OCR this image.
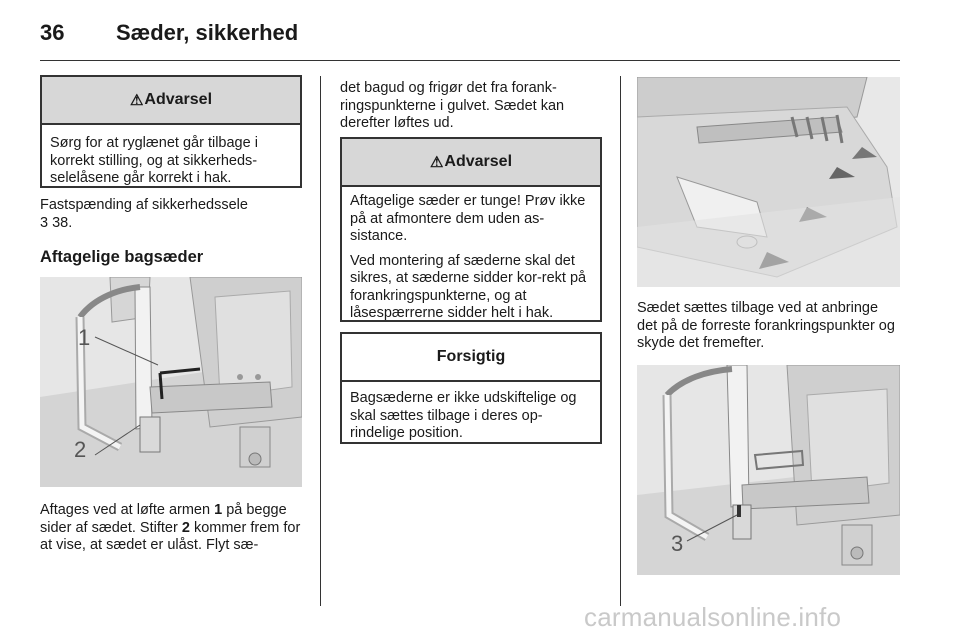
36 Sæder, sikkerhed
⚠ Advarsel
Sørg for at ryglænet går tilbage i korrekt stilling, og at sikkerheds-selelåsene går korrekt i hak.
Fastspænding af sikkerhedssele
3 38.
Aftagelige bagsæder
1
2
Aftages ved at løfte armen 1 på begge sider af sædet. Stifter 2 kommer frem for at vise, at sædet er ulåst. Flyt sæ-
det bagud og frigør det fra forank-ringspunkterne i gulvet. Sædet kan derefter løftes ud.
⚠ Advarsel

Aftagelige sæder er tunge! Prøv ikke på at afmontere dem uden as-sistance.

Ved montering af sæderne skal det sikres, at sæderne sidder kor-rekt på forankringspunkterne, og at låsespærrerne sidder helt i hak.

Forsigtig
Bagsæderne er ikke udskiftelige og skal sættes tilbage i deres op-rindelige position.
Sædet sættes tilbage ved at anbringe det på de forreste forankringspunkter og skyde det fremefter.
3
carmanualsonline.info
